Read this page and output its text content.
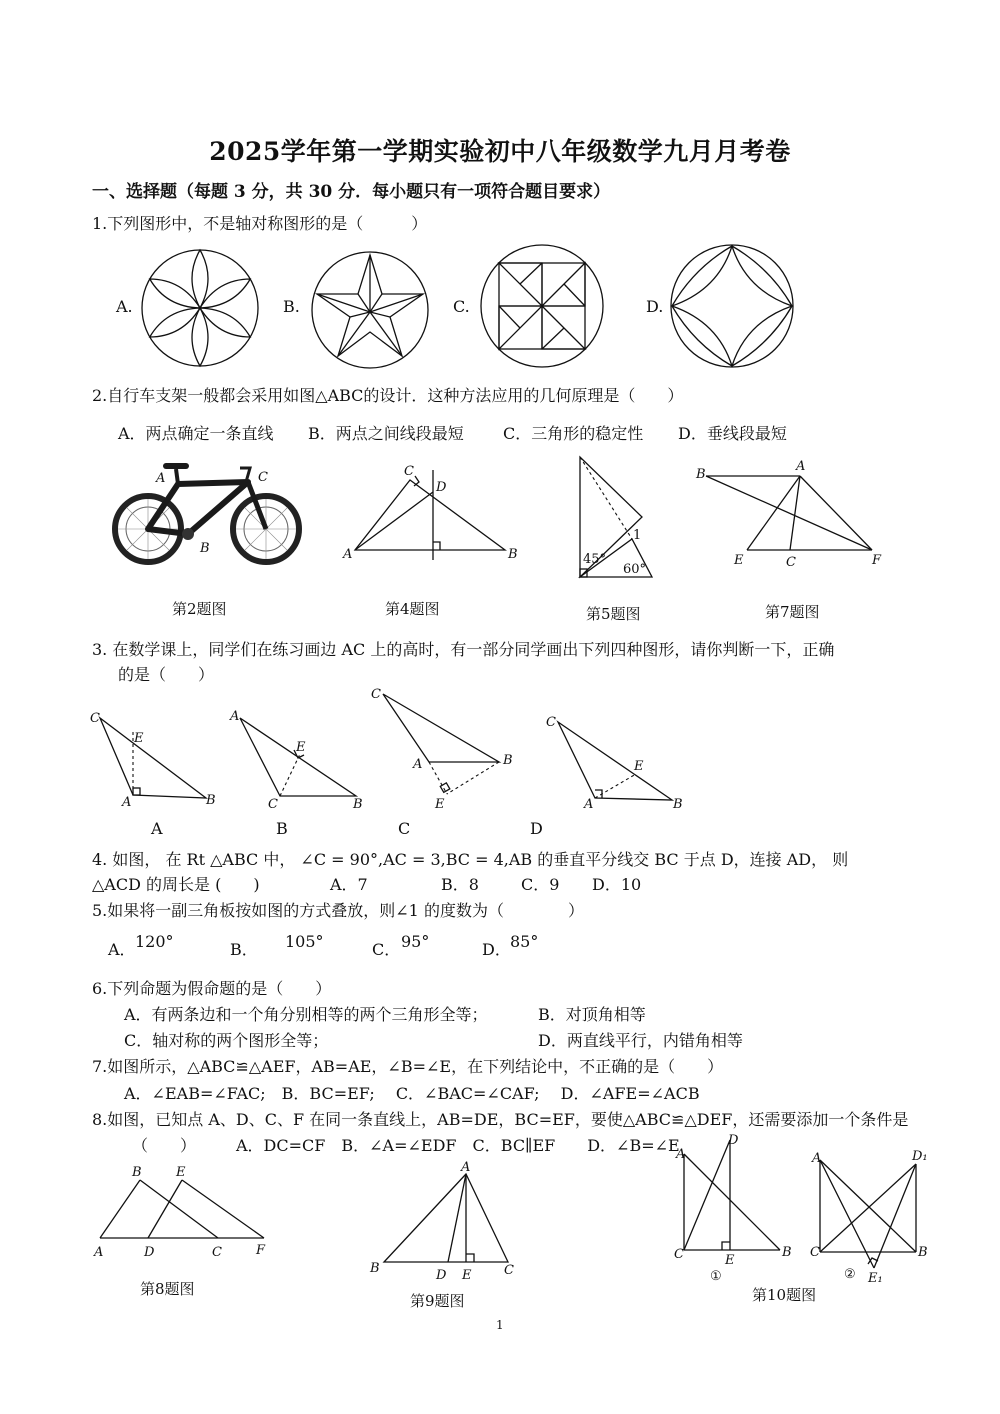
2025学年第一学期实验初中八年级数学九月月考卷
一、选择题（每题 3 分，共 30 分．每小题只有一项符合题目要求）
1.下列图形中，不是轴对称图形的是（　　　）
A.	B.	C.	D.
2.自行车支架一般都会采用如图△ABC的设计．这种方法应用的几何原理是（　　）
A．两点确定一条直线 B．两点之间线段最短 C．三角形的稳定性 D．垂线段最短
A	C
B
第2题图
C
D
A	B
第4题图
45°
60°
1
第5题图
B
A
E	C	F
第7题图
3. 在数学课上，同学们在练习画边 AC 上的高时，有一部分同学画出下列四种图形，请你判断一下，正确
的是（　　）
C
E
A	B
A
A
E
C	B
B
C
A	B
E
C
C
E
A	B
D
4. 如图， 在 Rt △ABC 中， ∠C = 90°,AC = 3,BC = 4,AB 的垂直平分线交 BC 于点 D，连接 AD， 则
△ACD 的周长是 (　　)	A．7	B．8	C．9 D．10
5.如果将一副三角板按如图的方式叠放，则∠1 的度数为（　　　　）
A． 120°	B． 105°	C． 95°	D． 85°
6.下列命题为假命题的是（　　）
A．有两条边和一个角分别相等的两个三角形全等；	B．对顶角相等
C．轴对称的两个图形全等；	D．两直线平行，内错角相等
7.如图所示，△ABC≌△AEF，AB=AE，∠B=∠E，在下列结论中，不正确的是（　　）
A．∠EAB=∠FAC;　B．BC=EF;　 C．∠BAC=∠CAF;　 D．∠AFE=∠ACB
8.如图，已知点 A、D、C、F 在同一条直线上，AB=DE，BC=EF，要使△ABC≌△DEF，还需要添加一个条件是
（　　）　　　A．DC=CF　B．∠A=∠EDF　C．BC∥EF　　D．∠B=∠E
B	E
A	D	C	F
第8题图
A
B	D E	C
第9题图
A
D
C	E
B
①
A	D₁
C
E₁
B
②
第10题图
1
